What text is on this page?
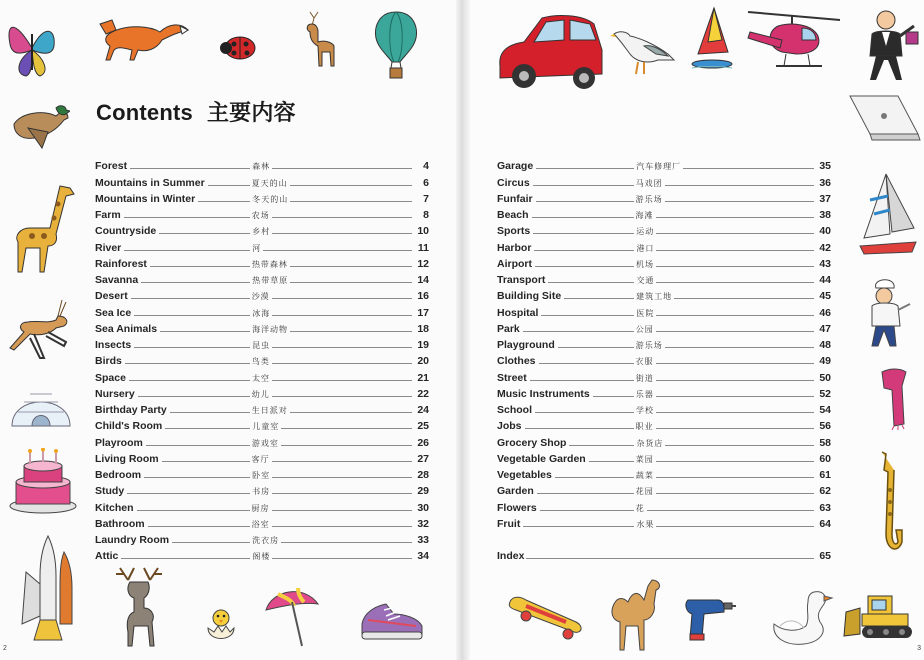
Contents 主要内容
Forest	森林	4
Mountains in Summer	夏天的山	6
Mountains in Winter	冬天的山	7
Farm	农场	8
Countryside	乡村	10
River	河	11
Rainforest	热带森林	12
Savanna	热带草原	14
Desert	沙漠	16
Sea Ice	冰海	17
Sea Animals	海洋动物	18
Insects	昆虫	19
Birds	鸟类	20
Space	太空	21
Nursery	幼儿	22
Birthday Party	生日派对	24
Child's Room	儿童室	25
Playroom	游戏室	26
Living Room	客厅	27
Bedroom	卧室	28
Study	书房	29
Kitchen	厨房	30
Bathroom	浴室	32
Laundry Room	洗衣房	33
Attic	阁楼	34
Garage	汽车修理厂	35
Circus	马戏团	36
Funfair	游乐场	37
Beach	海滩	38
Sports	运动	40
Harbor	港口	42
Airport	机场	43
Transport	交通	44
Building Site	建筑工地	45
Hospital	医院	46
Park	公园	47
Playground	游乐场	48
Clothes	衣服	49
Street	街道	50
Music Instruments	乐器	52
School	学校	54
Jobs	职业	56
Grocery Shop	杂货店	58
Vegetable Garden	菜园	60
Vegetables	蔬菜	61
Garden	花园	62
Flowers	花	63
Fruit	水果	64
Index	65
2	3
